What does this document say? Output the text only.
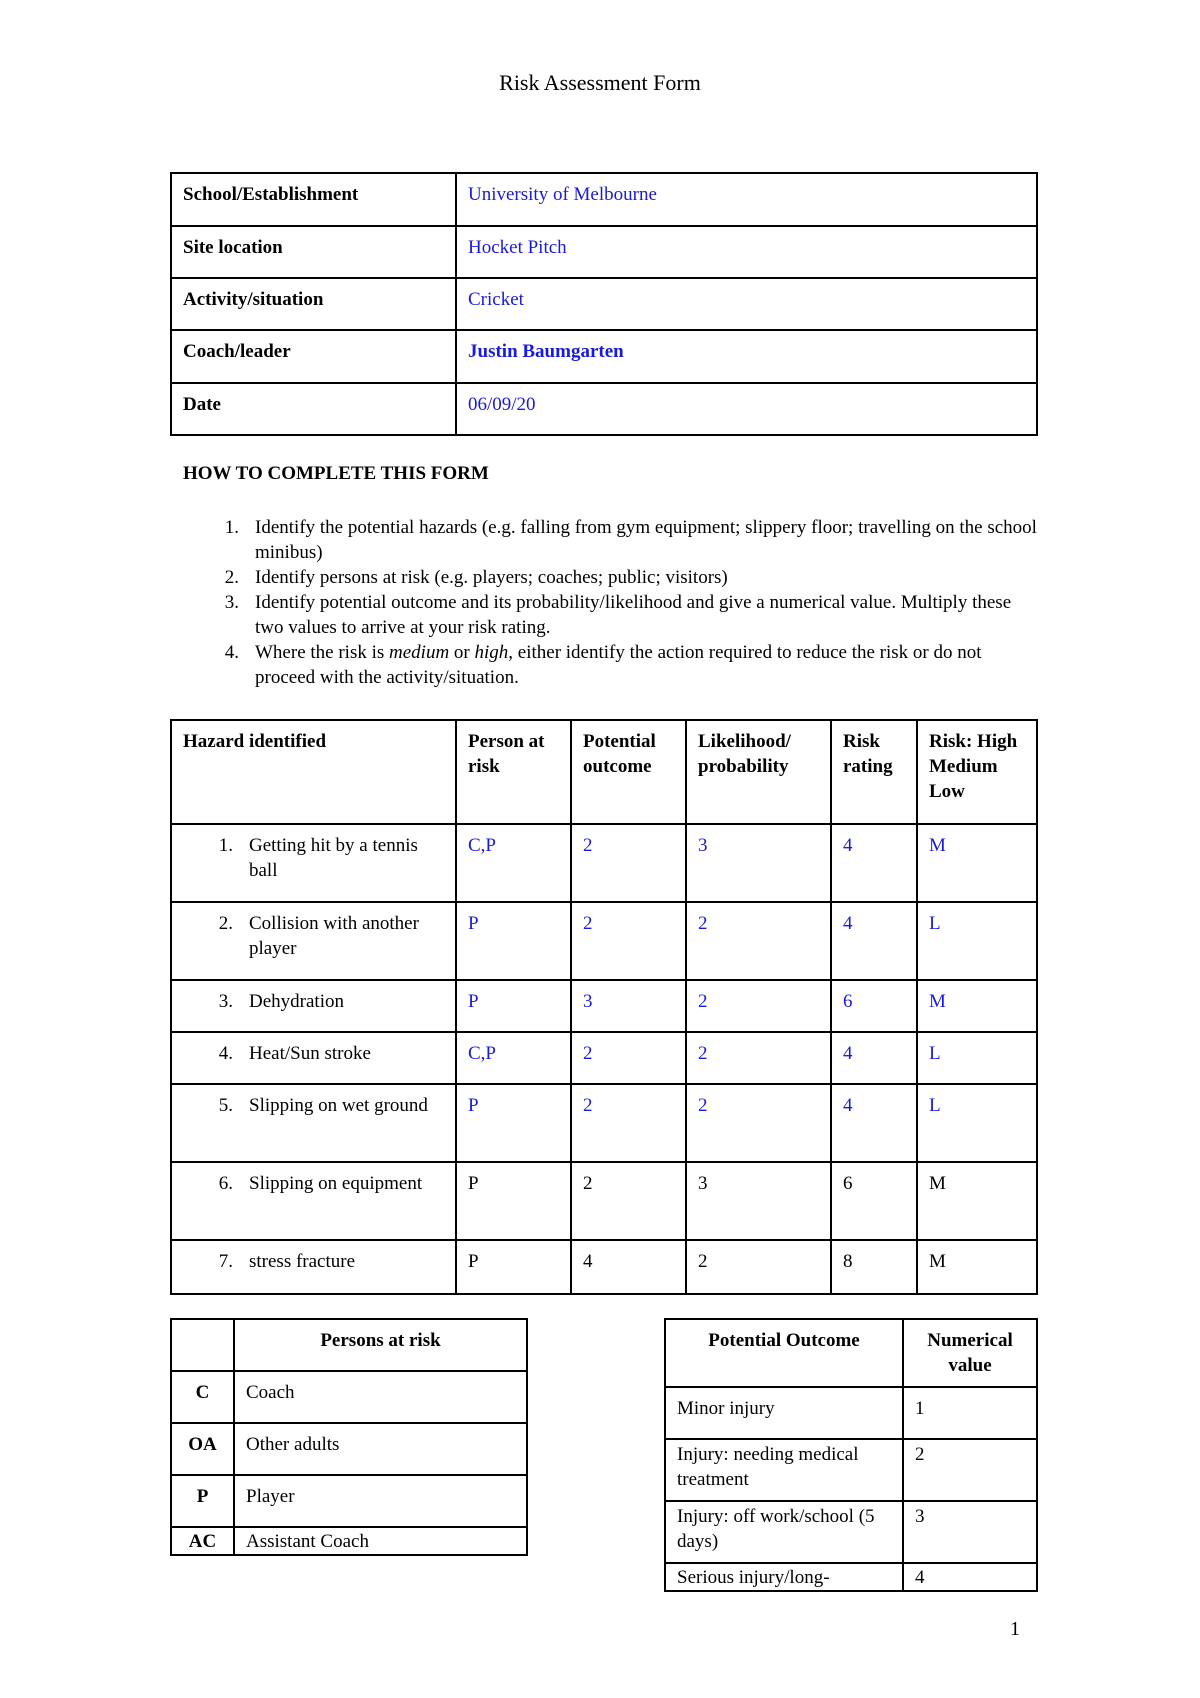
Risk Assessment Form
School/Establishment	University of Melbourne
Site location	Hocket Pitch
Activity/situation	Cricket
Coach/leader	Justin Baumgarten
Date	06/09/20
HOW TO COMPLETE THIS FORM
1. Identify the potential hazards (e.g. falling from gym equipment; slippery floor; travelling on the school minibus)
2. Identify persons at risk (e.g. players; coaches; public; visitors)
3. Identify potential outcome and its probability/likelihood and give a numerical value. Multiply these two values to arrive at your risk rating.
4. Where the risk is medium or high, either identify the action required to reduce the risk or do not proceed with the activity/situation.
Hazard identified	Person at risk	Potential outcome	Likelihood/ probability	Risk rating	Risk: High Medium Low

1. Getting hit by a tennis ball	C,P	2	3	4	M

2. Collision with another player	P	2	2	4	L

3. Dehydration	P	3	2	6	M

4. Heat/Sun stroke	C,P	2	2	4	L

5. Slipping on wet ground	P	2	2	4	L

6. Slipping on equipment	P	2	3	6	M

7. stress fracture	P	4	2	8	M
	Persons at risk
C	Coach
OA	Other adults
P	Player
AC	Assistant Coach
Potential Outcome	Numerical value
Minor injury	1
Injury: needing medical treatment	2
Injury: off work/school (5 days)	3
Serious injury/long-	4
1
